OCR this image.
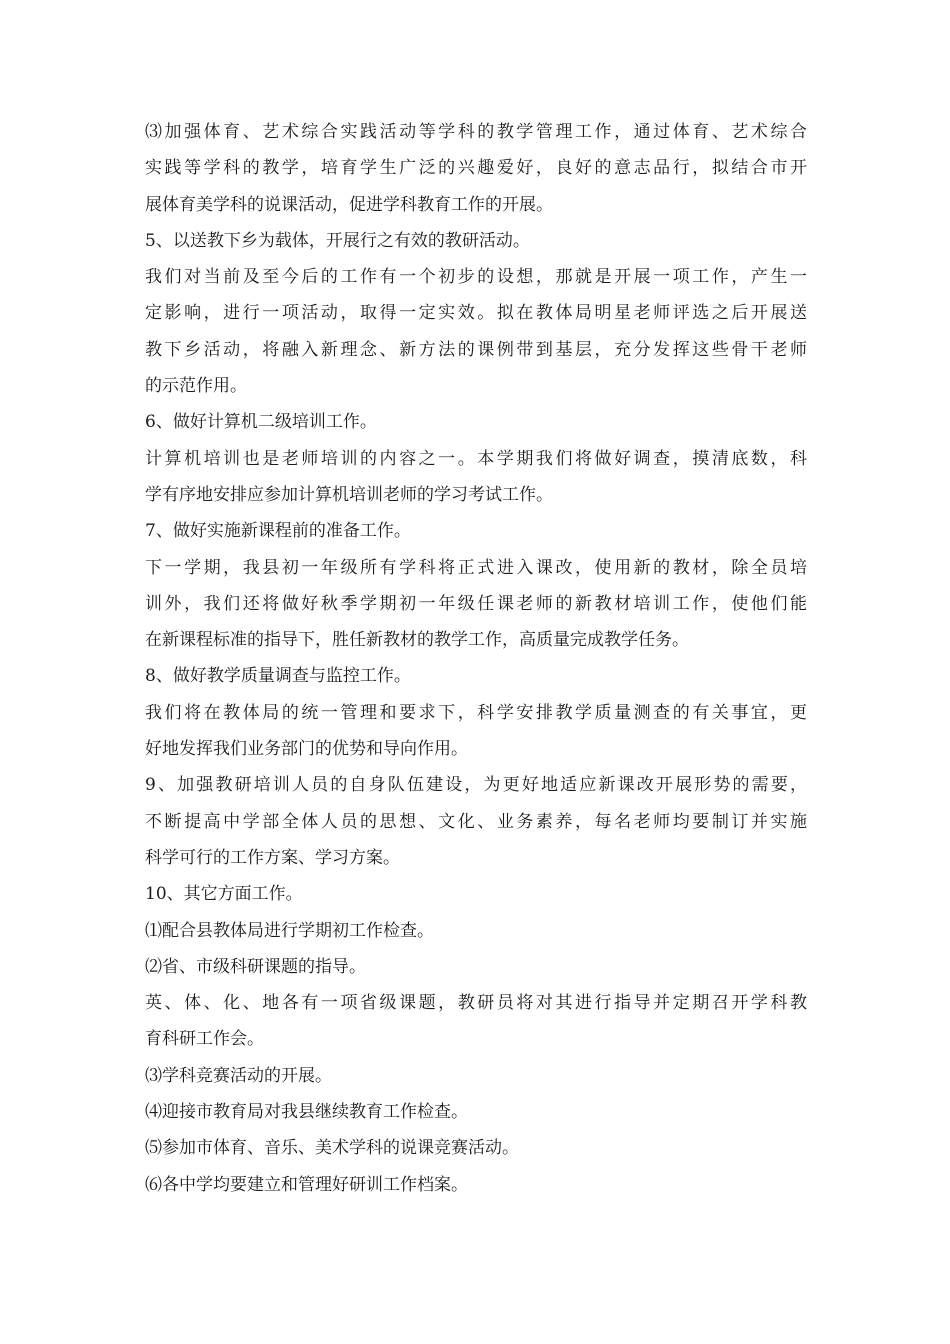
⑶加强体育、艺术综合实践活动等学科的教学管理工作，通过体育、艺术综合
实践等学科的教学，培育学生广泛的兴趣爱好，良好的意志品行，拟结合市开
展体育美学科的说课活动，促进学科教育工作的开展。
5、以送教下乡为载体，开展行之有效的教研活动。
我们对当前及至今后的工作有一个初步的设想，那就是开展一项工作，产生一
定影响，进行一项活动，取得一定实效。拟在教体局明星老师评选之后开展送
教下乡活动，将融入新理念、新方法的课例带到基层，充分发挥这些骨干老师
的示范作用。
6、做好计算机二级培训工作。
计算机培训也是老师培训的内容之一。本学期我们将做好调查，摸清底数，科
学有序地安排应参加计算机培训老师的学习考试工作。
7、做好实施新课程前的准备工作。
下一学期，我县初一年级所有学科将正式进入课改，使用新的教材，除全员培
训外，我们还将做好秋季学期初一年级任课老师的新教材培训工作，使他们能
在新课程标准的指导下，胜任新教材的教学工作，高质量完成教学任务。
8、做好教学质量调查与监控工作。
我们将在教体局的统一管理和要求下，科学安排教学质量测查的有关事宜，更
好地发挥我们业务部门的优势和导向作用。
9、加强教研培训人员的自身队伍建设，为更好地适应新课改开展形势的需要，
不断提高中学部全体人员的思想、文化、业务素养，每名老师均要制订并实施
科学可行的工作方案、学习方案。
10、其它方面工作。
⑴配合县教体局进行学期初工作检查。
⑵省、市级科研课题的指导。
英、体、化、地各有一项省级课题，教研员将对其进行指导并定期召开学科教
育科研工作会。
⑶学科竞赛活动的开展。
⑷迎接市教育局对我县继续教育工作检查。
⑸参加市体育、音乐、美术学科的说课竞赛活动。
⑹各中学均要建立和管理好研训工作档案。
